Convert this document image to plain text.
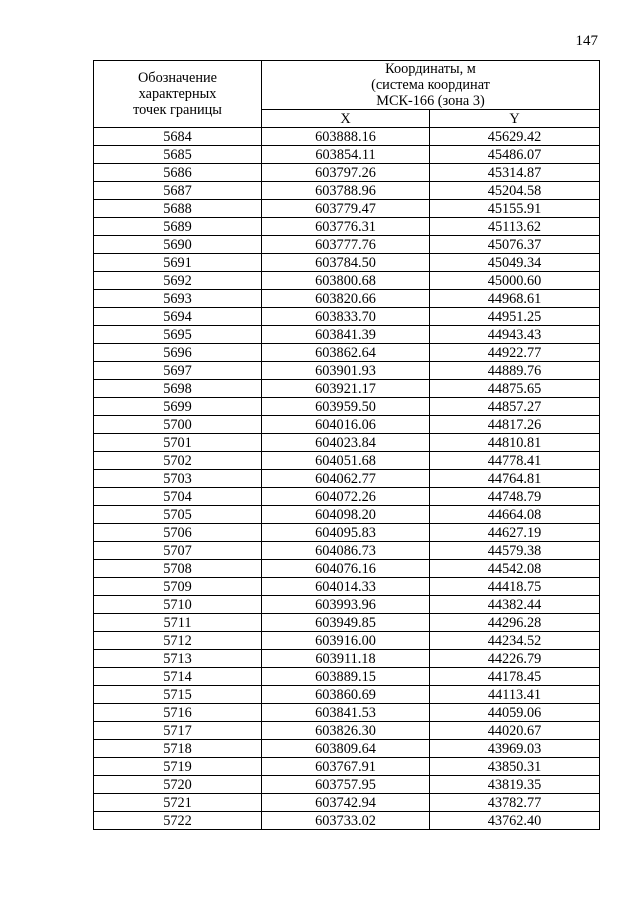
147
Обозначение
характерных
точек границы	Координаты, м
(система координат
МСК-166 (зона 3)	
	X	Y
5684	603888.16	45629.42
5685	603854.11	45486.07
5686	603797.26	45314.87
5687	603788.96	45204.58
5688	603779.47	45155.91
5689	603776.31	45113.62
5690	603777.76	45076.37
5691	603784.50	45049.34
5692	603800.68	45000.60
5693	603820.66	44968.61
5694	603833.70	44951.25
5695	603841.39	44943.43
5696	603862.64	44922.77
5697	603901.93	44889.76
5698	603921.17	44875.65
5699	603959.50	44857.27
5700	604016.06	44817.26
5701	604023.84	44810.81
5702	604051.68	44778.41
5703	604062.77	44764.81
5704	604072.26	44748.79
5705	604098.20	44664.08
5706	604095.83	44627.19
5707	604086.73	44579.38
5708	604076.16	44542.08
5709	604014.33	44418.75
5710	603993.96	44382.44
5711	603949.85	44296.28
5712	603916.00	44234.52
5713	603911.18	44226.79
5714	603889.15	44178.45
5715	603860.69	44113.41
5716	603841.53	44059.06
5717	603826.30	44020.67
5718	603809.64	43969.03
5719	603767.91	43850.31
5720	603757.95	43819.35
5721	603742.94	43782.77
5722	603733.02	43762.40
